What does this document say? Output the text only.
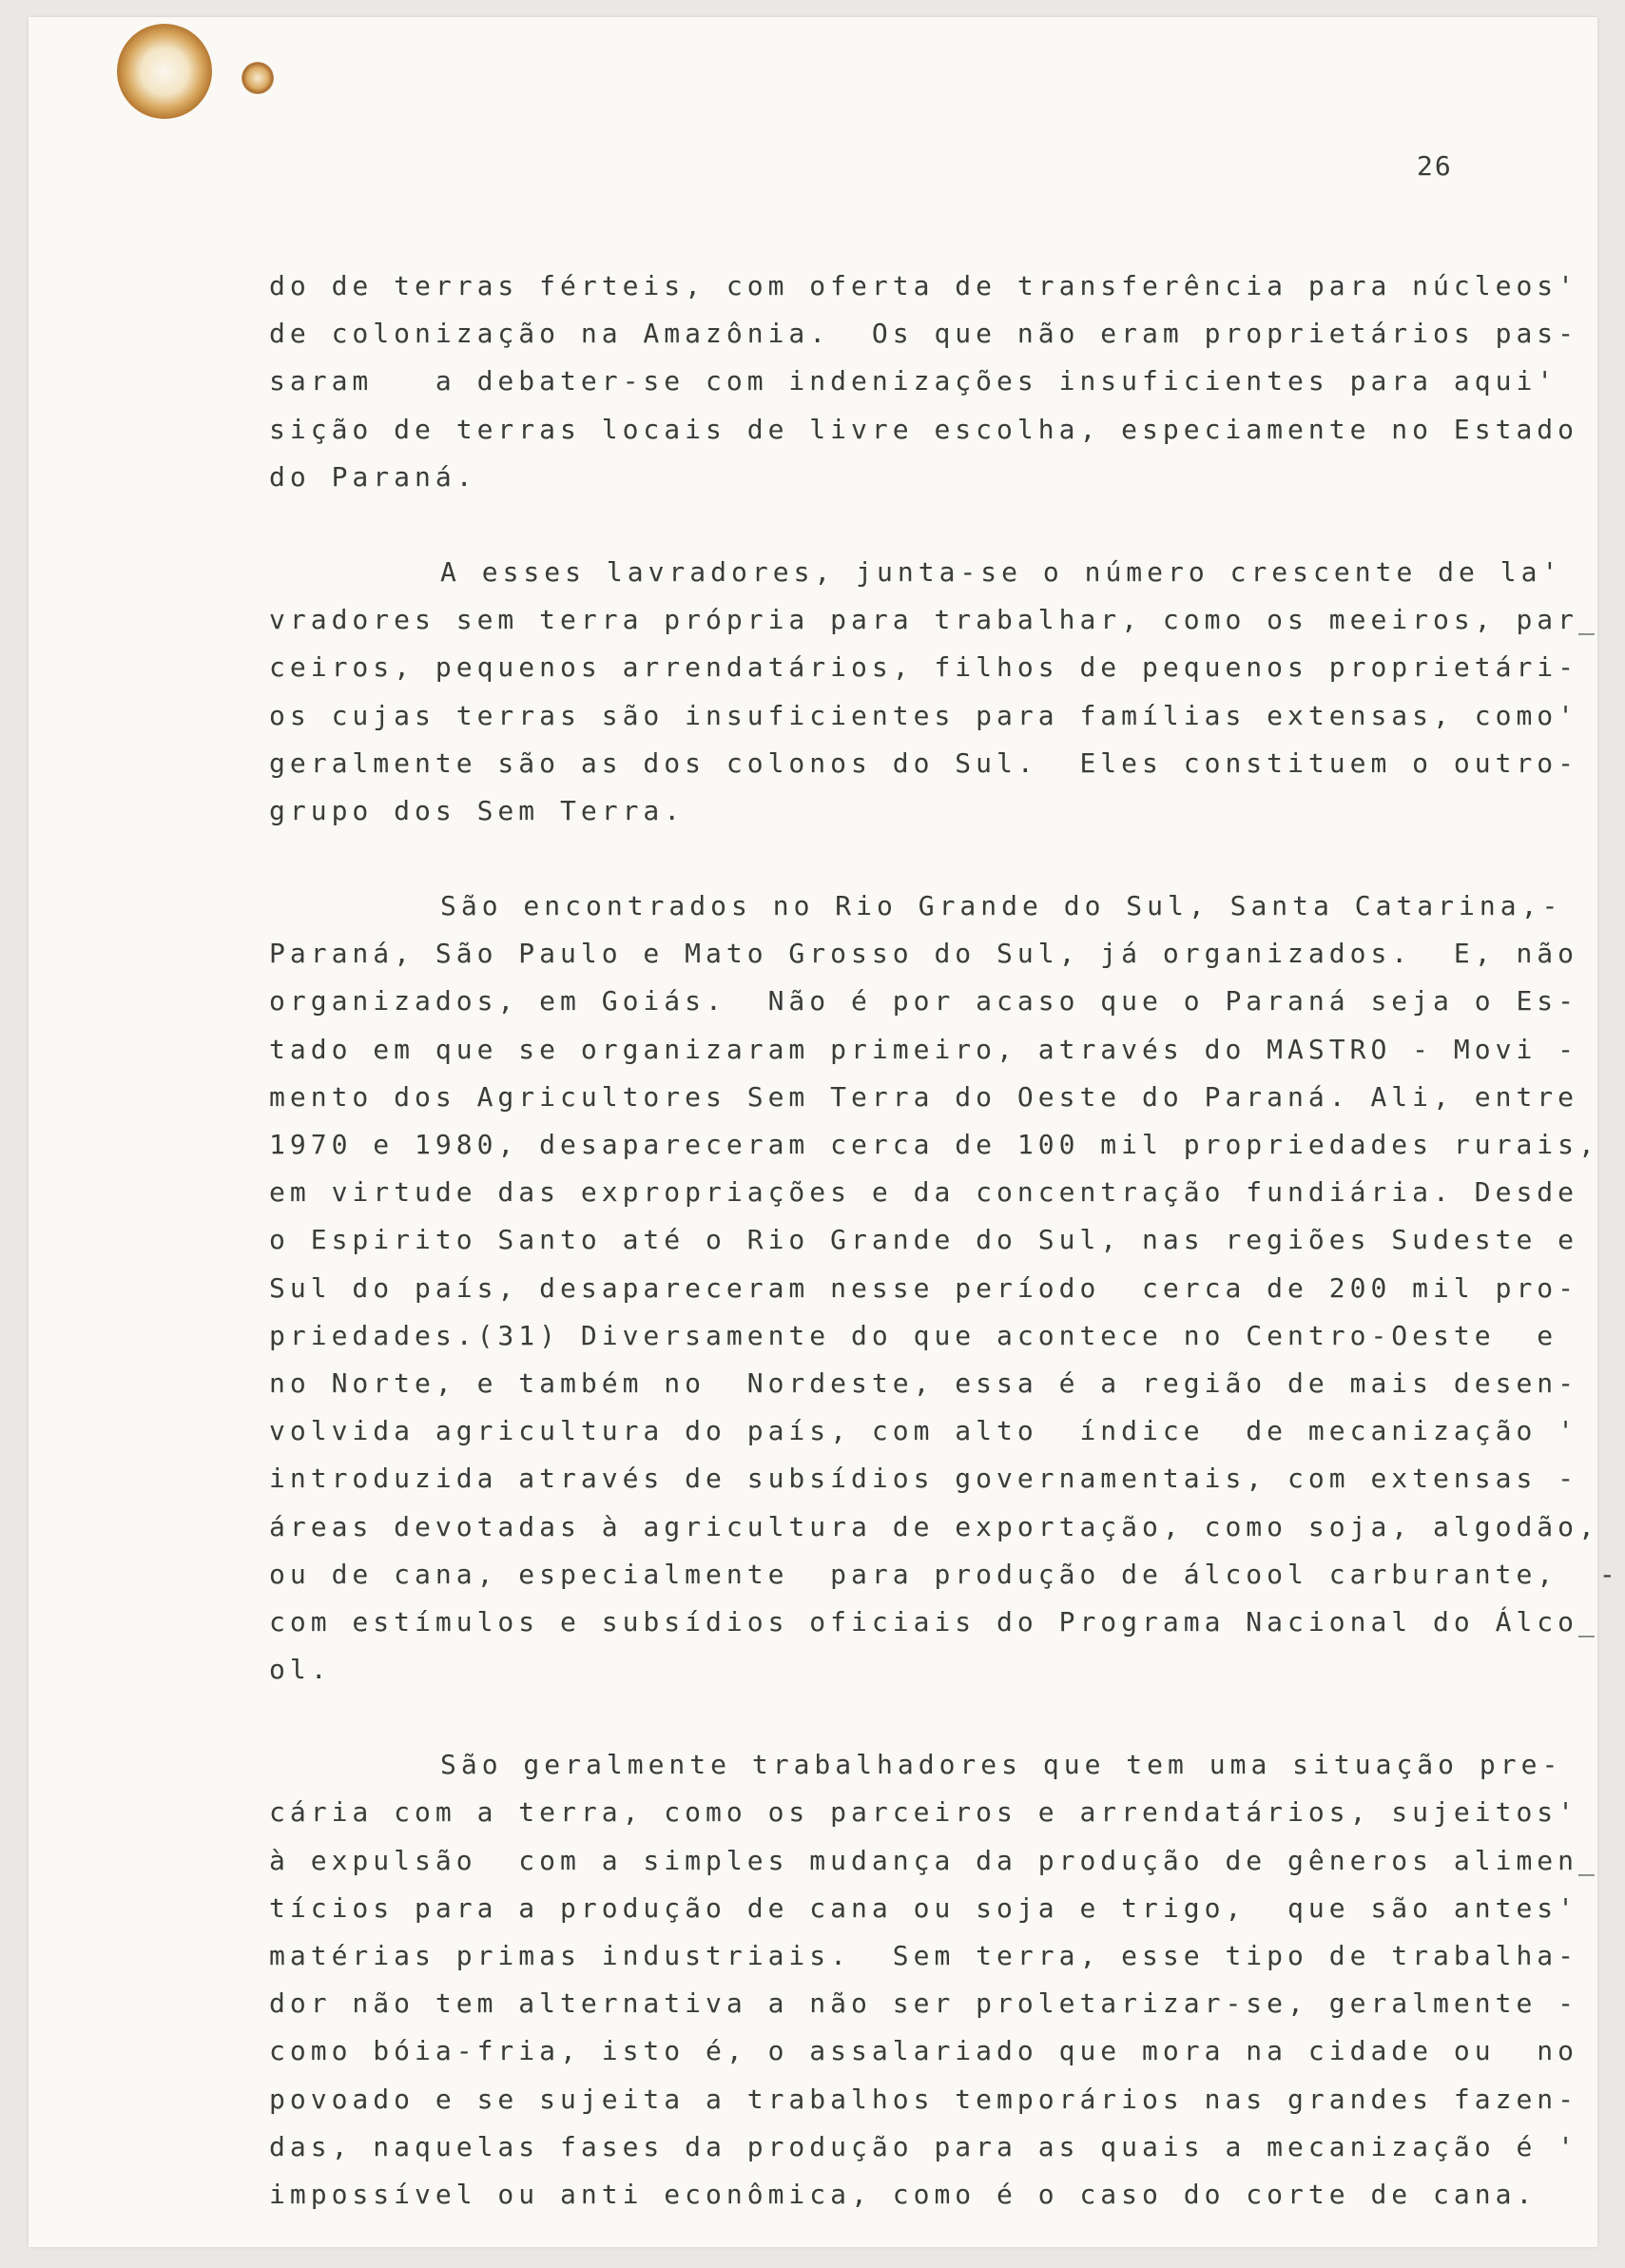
26
do de terras férteis, com oferta de transferência para núcleos'
de colonização na Amazônia.  Os que não eram proprietários pas-
saram   a debater-se com indenizações insuficientes para aqui'
sição de terras locais de livre escolha, especiamente no Estado
do Paraná.
A esses lavradores, junta-se o número crescente de la'
vradores sem terra própria para trabalhar, como os meeiros, par_
ceiros, pequenos arrendatários, filhos de pequenos proprietári-
os cujas terras são insuficientes para famílias extensas, como'
geralmente são as dos colonos do Sul.  Eles constituem o outro-
grupo dos Sem Terra.
São encontrados no Rio Grande do Sul, Santa Catarina,-
Paraná, São Paulo e Mato Grosso do Sul, já organizados.  E, não
organizados, em Goiás.  Não é por acaso que o Paraná seja o Es-
tado em que se organizaram primeiro, através do MASTRO - Movi -
mento dos Agricultores Sem Terra do Oeste do Paraná. Ali, entre
1970 e 1980, desapareceram cerca de 100 mil propriedades rurais,
em virtude das expropriações e da concentração fundiária. Desde
o Espirito Santo até o Rio Grande do Sul, nas regiões Sudeste e
Sul do país, desapareceram nesse período  cerca de 200 mil pro-
priedades.(31) Diversamente do que acontece no Centro-Oeste  e
no Norte, e também no  Nordeste, essa é a região de mais desen-
volvida agricultura do país, com alto  índice  de mecanização '
introduzida através de subsídios governamentais, com extensas -
áreas devotadas à agricultura de exportação, como soja, algodão,
ou de cana, especialmente  para produção de álcool carburante,  -
com estímulos e subsídios oficiais do Programa Nacional do Álco_
ol.
São geralmente trabalhadores que tem uma situação pre-
cária com a terra, como os parceiros e arrendatários, sujeitos'
à expulsão  com a simples mudança da produção de gêneros alimen_
tícios para a produção de cana ou soja e trigo,  que são antes'
matérias primas industriais.  Sem terra, esse tipo de trabalha-
dor não tem alternativa a não ser proletarizar-se, geralmente -
como bóia-fria, isto é, o assalariado que mora na cidade ou  no
povoado e se sujeita a trabalhos temporários nas grandes fazen-
das, naquelas fases da produção para as quais a mecanização é '
impossível ou anti econômica, como é o caso do corte de cana.
